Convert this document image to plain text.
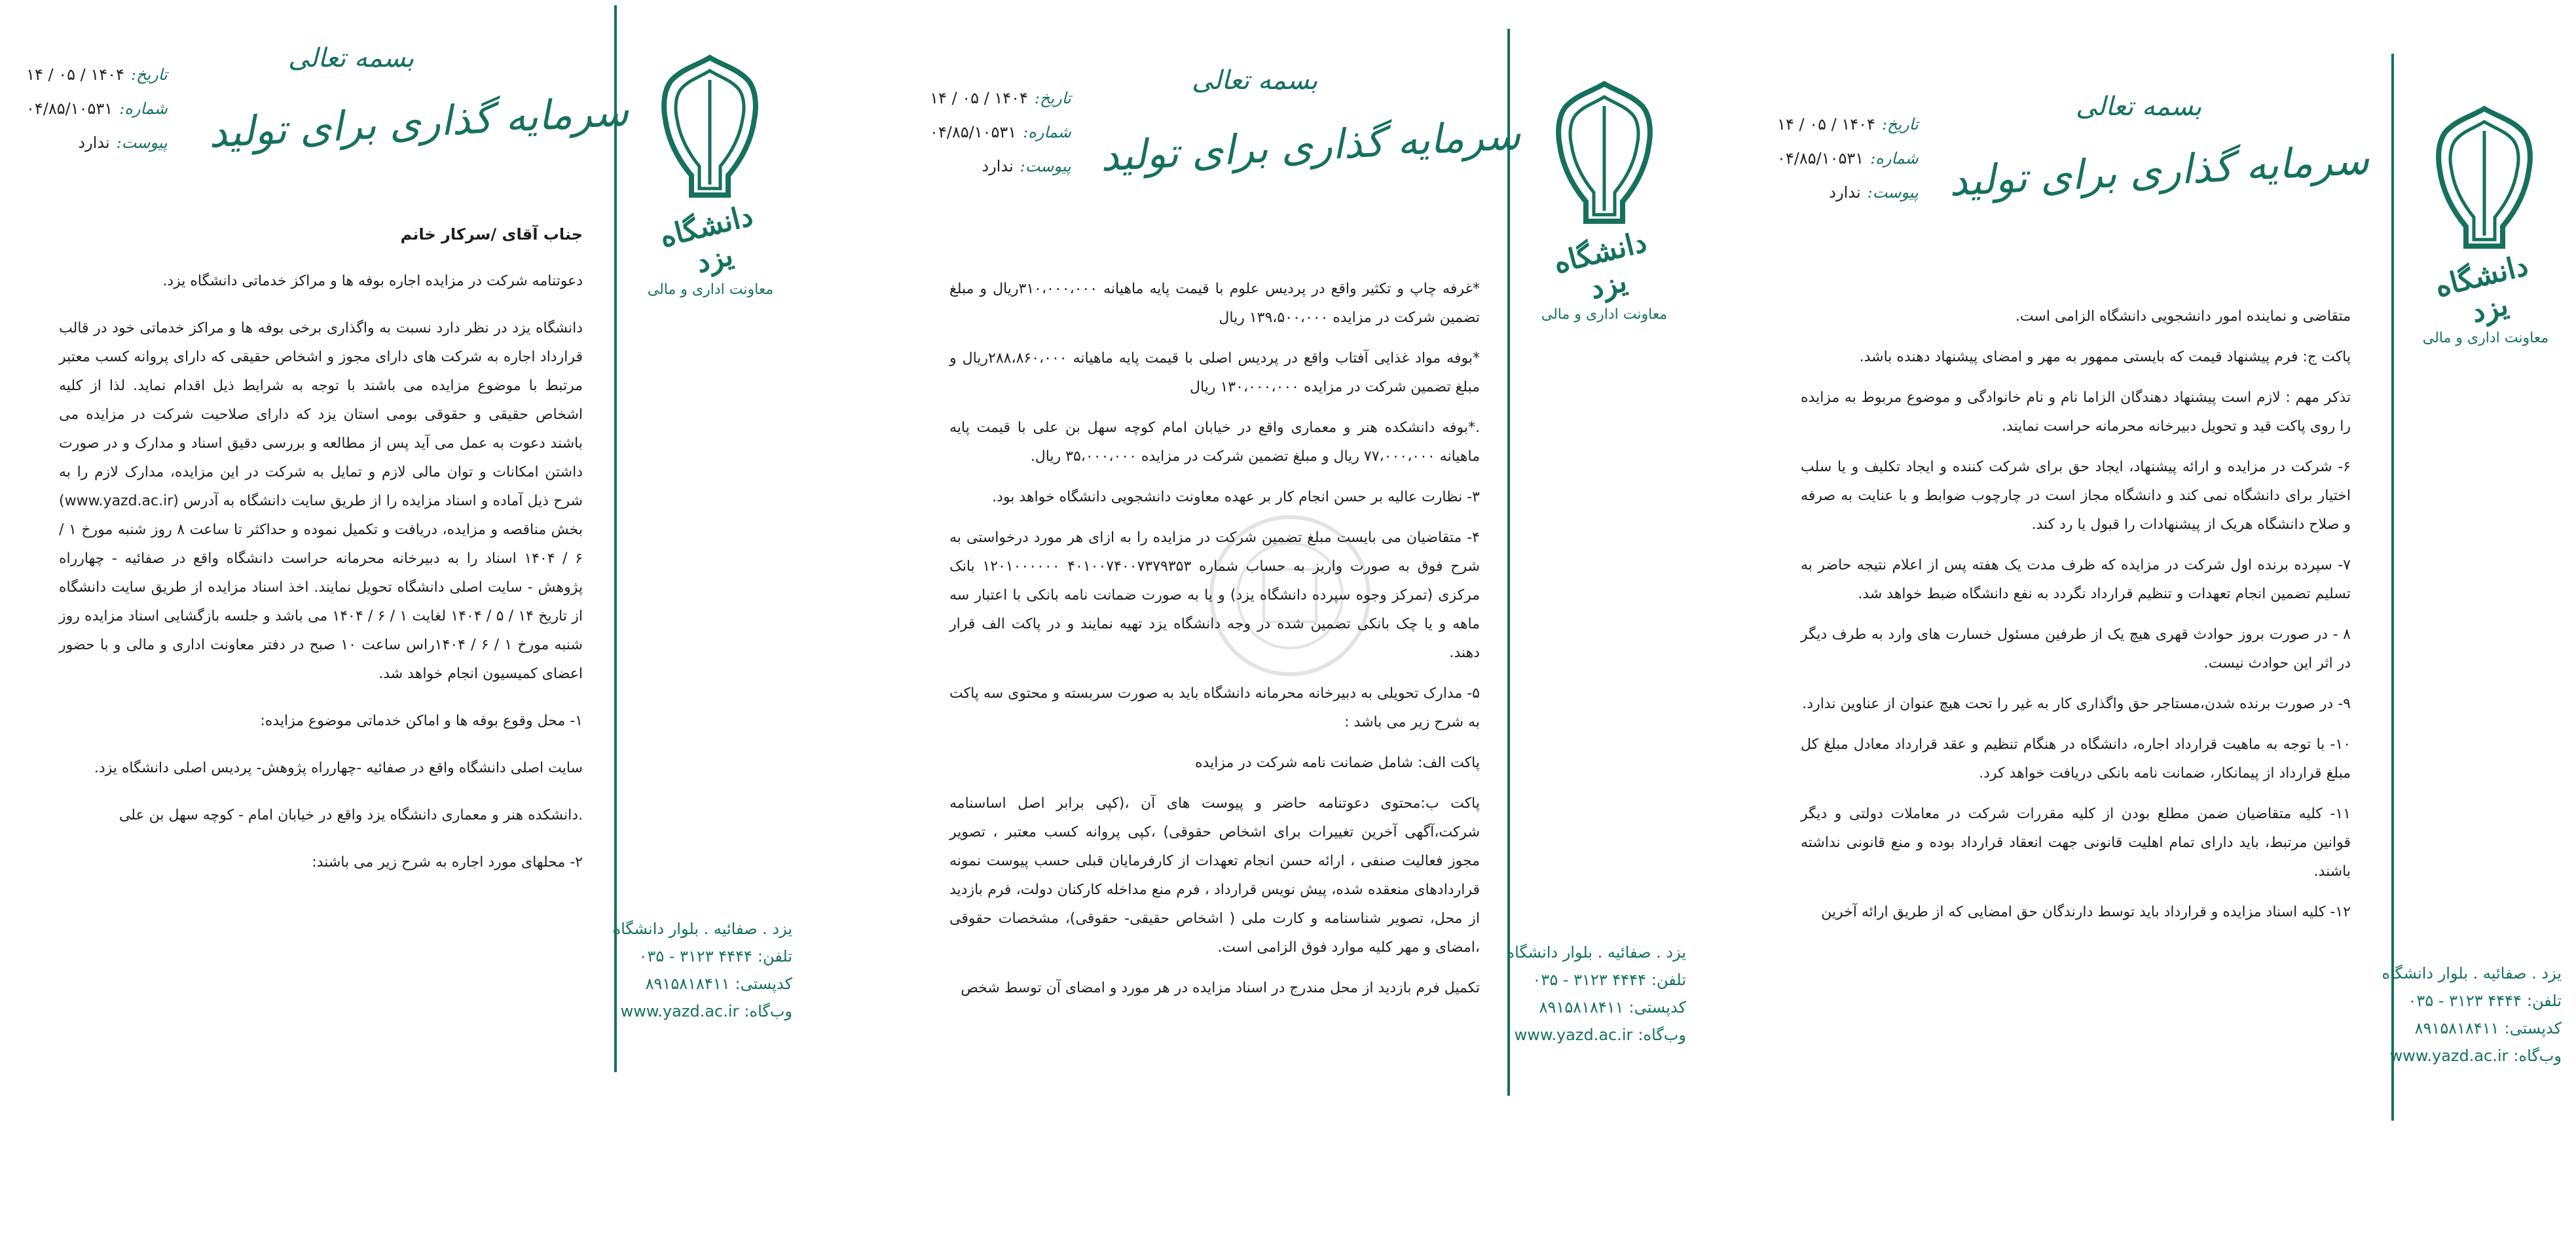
دانشگاه یزد
معاونت اداری و مالی
بسمه تعالی
سرمایه گذاری برای تولید
تاریخ:۱۴۰۴ / ۰۵ / ۱۴
شماره:۰۴/۸۵/۱۰۵۳۱
پیوست:ندارد

جناب آقای /سرکار خانم

دعوتنامه شرکت در مزایده اجاره بوفه ها و مراکز خدماتی دانشگاه یزد.

دانشگاه یزد در نظر دارد نسبت به واگذاری برخی بوفه ها و مراکز خدماتی خود در قالب قرارداد اجاره به شرکت های دارای مجوز و اشخاص حقیقی که دارای پروانه کسب معتبر مرتبط با موضوع مزایده می باشند با توجه به شرایط ذیل اقدام نماید. لذا از کلیه اشخاص حقیقی و حقوقی بومی استان یزد که دارای صلاحیت شرکت در مزایده می باشند دعوت به عمل می آید پس از مطالعه و بررسی دقیق اسناد و مدارک و در صورت داشتن امکانات و توان مالی لازم و تمایل به شرکت در این مزایده، مدارک لازم را به شرح ذیل آماده و اسناد مزایده را از طریق سایت دانشگاه به آدرس (www.yazd.ac.ir) بخش مناقصه و مزایده، دریافت و تکمیل نموده و حداکثر تا ساعت ۸ روز شنبه مورخ ۱ / ۶ / ۱۴۰۴ اسناد را به دبیرخانه محرمانه حراست دانشگاه واقع در صفائیه - چهارراه پژوهش - سایت اصلی دانشگاه تحویل نمایند. اخذ اسناد مزایده از طریق سایت دانشگاه از تاریخ ۱۴ / ۵ / ۱۴۰۴ لغایت ۱ / ۶ / ۱۴۰۴ می باشد و جلسه بازگشایی اسناد مزایده روز شنبه مورخ ۱ / ۶ / ۱۴۰۴راس ساعت ۱۰ صبح در دفتر معاونت اداری و مالی و با حضور اعضای کمیسیون انجام خواهد شد.

۱- محل وقوع بوفه ها و اماکن خدماتی موضوع مزایده:

سایت اصلی دانشگاه واقع در صفائیه -چهارراه پژوهش- پردیس اصلی دانشگاه یزد.

.دانشکده هنر و معماری دانشگاه یزد واقع در خیابان امام - کوچه سهل بن علی

۲- محلهای مورد اجاره به شرح زیر می باشند:

یزد . صفائیه . بلوار دانشگاه
تلفن:۰۳۵ - ۳۱۲۳ ۴۴۴۴
کدپستی:۸۹۱۵۸۱۸۴۱۱
وب‌گاه:www.yazd.ac.ir
دانشگاه یزد
معاونت اداری و مالی
بسمه تعالی
سرمایه گذاری برای تولید
تاریخ:۱۴۰۴ / ۰۵ / ۱۴
شماره:۰۴/۸۵/۱۰۵۳۱
پیوست:ندارد

*غرفه چاپ و تکثیر واقع در پردیس علوم با قیمت پایه ماهیانه ۳۱۰،۰۰۰،۰۰۰ریال و مبلغ تضمین شرکت در مزایده ۱۳۹،۵۰۰،۰۰۰ ریال

*بوفه مواد غذایی آفتاب واقع در پردیس اصلی با قیمت پایه ماهیانه ۲۸۸،۸۶۰،۰۰۰ریال و مبلغ تضمین شرکت در مزایده ۱۳۰،۰۰۰،۰۰۰ ریال

.*بوفه دانشکده هنر و معماری واقع در خیابان امام کوچه سهل بن علی با قیمت پایه ماهیانه ۷۷،۰۰۰،۰۰۰ ریال و مبلغ تضمین شرکت در مزایده ۳۵،۰۰۰،۰۰۰ ریال.

۳- نظارت عالیه بر حسن انجام کار بر عهده معاونت دانشجویی دانشگاه خواهد بود.

۴- متقاضیان می بایست مبلغ تضمین شرکت در مزایده را به ازای هر مورد درخواستی به شرح فوق به صورت واریز به حساب شماره ۴۰۱۰۰۷۴۰۰۷۳۷۹۳۵۳ ۱۲۰۱۰۰۰۰۰۰ بانک مرکزی (تمرکز وجوه سپرده دانشگاه یزد) و یا به صورت ضمانت نامه بانکی با اعتبار سه ماهه و یا چک بانکی تضمین شده در وجه دانشگاه یزد تهیه نمایند و در پاکت الف قرار دهند.

۵- مدارک تحویلی به دبیرخانه محرمانه دانشگاه باید به صورت سربسته و محتوی سه پاکت به شرح زیر می باشد :

پاکت الف: شامل ضمانت نامه شرکت در مزایده

پاکت ب:محتوی دعوتنامه حاضر و پیوست های آن ،(کپی برابر اصل اساسنامه شرکت،آگهی آخرین تغییرات برای اشخاص حقوقی) ،کپی پروانه کسب معتبر ، تصویر مجوز فعالیت صنفی ، ارائه حسن انجام تعهدات از کارفرمایان قبلی حسب پیوست نمونه قراردادهای منعقده شده، پیش نویس قرارداد ، فرم منع مداخله کارکنان دولت، فرم بازدید از محل، تصویر شناسنامه و کارت ملی ( اشخاص حقیقی- حقوقی)، مشخصات حقوقی ،امضای و مهر کلیه موارد فوق الزامی است.

تکمیل فرم بازدید از محل مندرج در اسناد مزایده در هر مورد و امضای آن توسط شخص

یزد . صفائیه . بلوار دانشگاه
تلفن:۰۳۵ - ۳۱۲۳ ۴۴۴۴
کدپستی:۸۹۱۵۸۱۸۴۱۱
وب‌گاه:www.yazd.ac.ir
دانشگاه یزد
معاونت اداری و مالی
بسمه تعالی
سرمایه گذاری برای تولید
تاریخ:۱۴۰۴ / ۰۵ / ۱۴
شماره:۰۴/۸۵/۱۰۵۳۱
پیوست:ندارد

متقاضی و نماینده امور دانشجویی دانشگاه الزامی است.

پاکت ج: فرم پیشنهاد قیمت که بایستی ممهور به مهر و امضای پیشنهاد دهنده باشد.

تذکر مهم : لازم است پیشنهاد دهندگان الزاما نام و نام خانوادگی و موضوع مربوط به مزایده را روی پاکت قید و تحویل دبیرخانه محرمانه حراست نمایند.

۶- شرکت در مزایده و ارائه پیشنهاد، ایجاد حق برای شرکت کننده و ایجاد تکلیف و یا سلب اختیار برای دانشگاه نمی کند و دانشگاه مجاز است در چارچوب ضوابط و با عنایت به صرفه و صلاح دانشگاه هریک از پیشنهادات را قبول یا رد کند.

۷- سپرده برنده اول شرکت در مزایده که ظرف مدت یک هفته پس از اعلام نتیجه حاضر به تسلیم تضمین انجام تعهدات و تنظیم قرارداد نگردد به نفع دانشگاه ضبط خواهد شد.

۸ - در صورت بروز حوادث قهری هیچ یک از طرفین مسئول خسارت های وارد به طرف دیگر در اثر این حوادث نیست.

۹- در صورت برنده شدن،مستاجر حق واگذاری کار به غیر را تحت هیچ عنوان از عناوین ندارد.

۱۰- با توجه به ماهیت قرارداد اجاره، دانشگاه در هنگام تنظیم و عقد قرارداد معادل مبلغ کل مبلغ قرارداد از پیمانکار، ضمانت نامه بانکی دریافت خواهد کرد.

۱۱- کلیه متقاضیان ضمن مطلع بودن از کلیه مقررات شرکت در معاملات دولتی و دیگر قوانین مرتبط، باید دارای تمام اهلیت قانونی جهت انعقاد قرارداد بوده و منع قانونی نداشته باشند.

۱۲- کلیه اسناد مزایده و قرارداد باید توسط دارندگان حق امضایی که از طریق ارائه آخرین

یزد . صفائیه . بلوار دانشگاه
تلفن:۰۳۵ - ۳۱۲۳ ۴۴۴۴
کدپستی:۸۹۱۵۸۱۸۴۱۱
وب‌گاه:www.yazd.ac.ir
